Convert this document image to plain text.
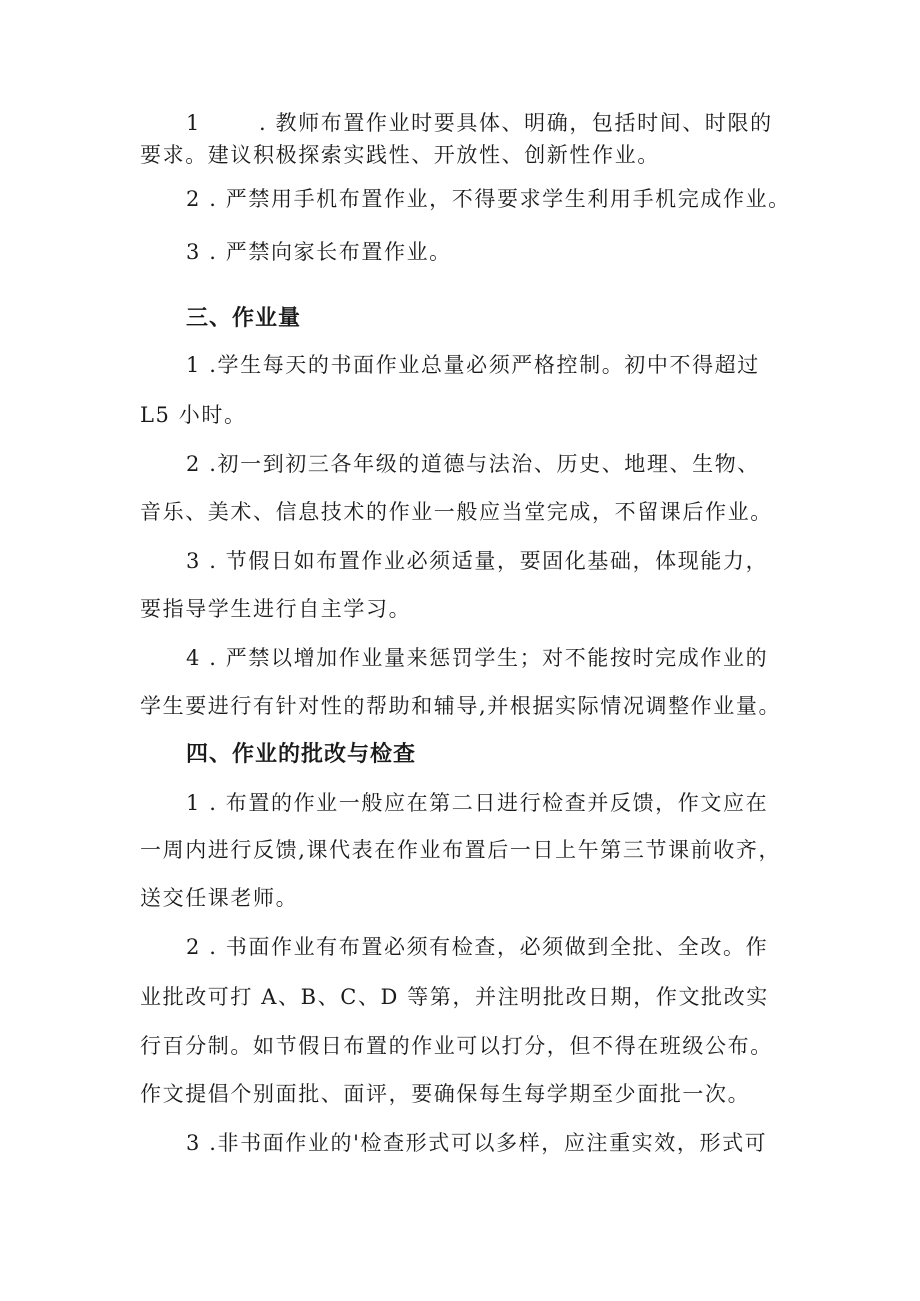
1	. 教师布置作业时要具体、明确，包括时间、时限的
要求。建议积极探索实践性、开放性、创新性作业。
2 . 严禁用手机布置作业，不得要求学生利用手机完成作业。
3 . 严禁向家长布置作业。
三、作业量
1 .学生每天的书面作业总量必须严格控制。初中不得超过
L5 小时。
2 .初一到初三各年级的道德与法治、历史、地理、生物、
音乐、美术、信息技术的作业一般应当堂完成，不留课后作业。
3 . 节假日如布置作业必须适量，要固化基础，体现能力，
要指导学生进行自主学习。
4 . 严禁以增加作业量来惩罚学生；对不能按时完成作业的
学生要进行有针对性的帮助和辅导,并根据实际情况调整作业量。
四、作业的批改与检查
1 . 布置的作业一般应在第二日进行检查并反馈，作文应在
一周内进行反馈,课代表在作业布置后一日上午第三节课前收齐，
送交任课老师。
2 . 书面作业有布置必须有检查，必须做到全批、全改。作
业批改可打 A、B、C、D 等第，并注明批改日期，作文批改实
行百分制。如节假日布置的作业可以打分，但不得在班级公布。
作文提倡个别面批、面评，要确保每生每学期至少面批一次。
3 .非书面作业的'检查形式可以多样，应注重实效，形式可
